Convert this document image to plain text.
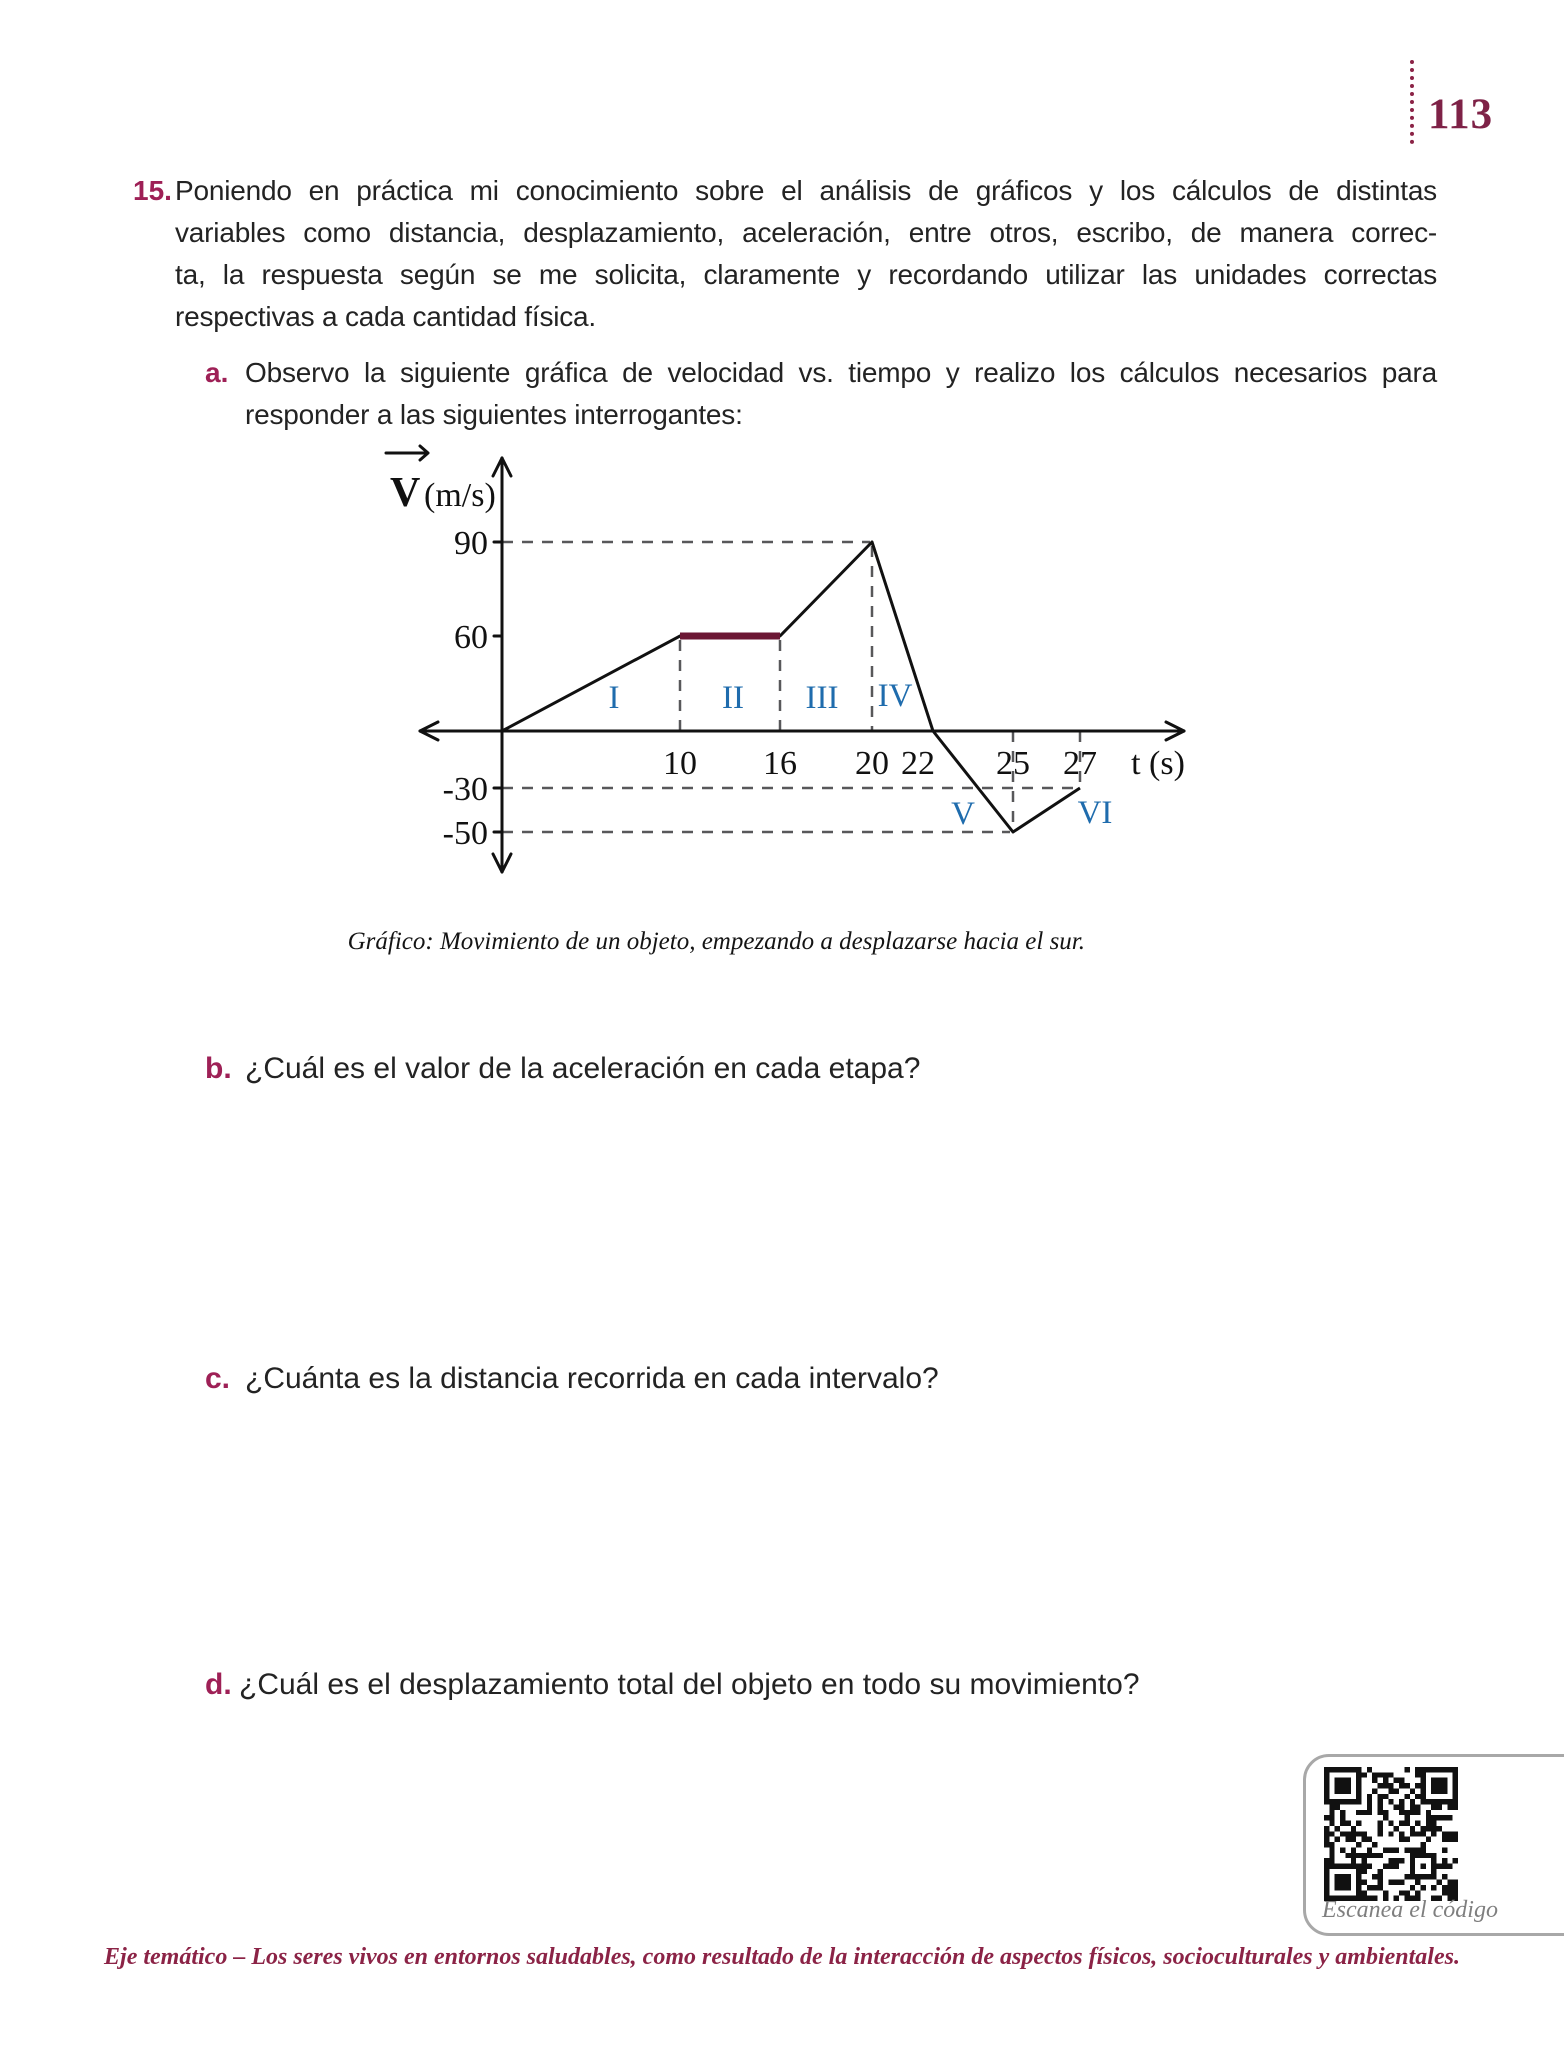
113
15. Poniendo en práctica mi conocimiento sobre el análisis de gráficos y los cálculos de distintas
variables como distancia, desplazamiento, aceleración, entre otros, escribo, de manera correc-
ta, la respuesta según se me solicita, claramente y recordando utilizar las unidades correctas
respectivas a cada cantidad física.
a. Observo la siguiente gráfica de velocidad vs. tiempo y realizo los cálculos necesarios para
responder a las siguientes interrogantes:
V (m/s)
t (s)
10 16 20 22 25 27
90
60
-30
-50
I	II III IV
V	VI
Gráfico: Movimiento de un objeto, empezando a desplazarse hacia el sur.
b. ¿Cuál es el valor de la aceleración en cada etapa?
c. ¿Cuánta es la distancia recorrida en cada intervalo?
d. ¿Cuál es el desplazamiento total del objeto en todo su movimiento?
Escanea el código
Eje temático – Los seres vivos en entornos saludables, como resultado de la interacción de aspectos físicos, socioculturales y ambientales.
